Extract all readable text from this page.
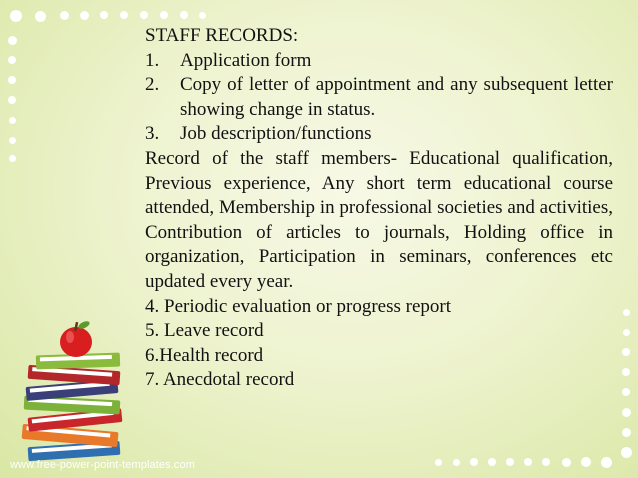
STAFF RECORDS:

1.	Application form
2.	Copy of letter of appointment and any subsequent letter showing change in status.
3.	Job description/functions

Record of the staff members- Educational qualification, Previous experience, Any short term educational course attended, Membership in professional societies and activities, Contribution of articles to journals, Holding office in organization, Participation in seminars, conferences etc updated every year.

4. Periodic evaluation or progress report

5. Leave record

6.Health record

7. Anecdotal record

www.free-power-point-templates.com
